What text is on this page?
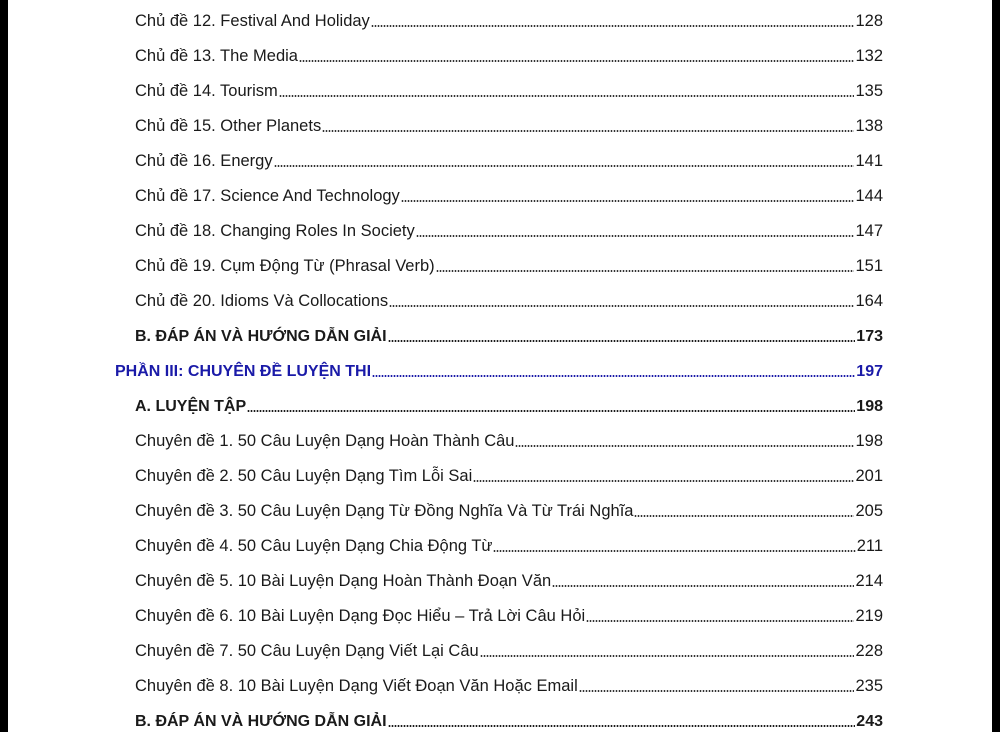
Chủ đề 12. Festival And Holiday	128
Chủ đề 13. The Media	132
Chủ đề 14. Tourism	135
Chủ đề 15. Other Planets	138
Chủ đề 16. Energy	141
Chủ đề 17. Science And Technology	144
Chủ đề 18. Changing Roles In Society	147
Chủ đề 19. Cụm Động Từ (Phrasal Verb)	151
Chủ đề 20. Idioms Và Collocations	164
B. ĐÁP ÁN VÀ HƯỚNG DẪN GIẢI	173
PHẦN III: CHUYÊN ĐỀ LUYỆN THI	197
A. LUYỆN TẬP	198
Chuyên đề 1. 50 Câu Luyện Dạng Hoàn Thành Câu	198
Chuyên đề 2. 50 Câu Luyện Dạng Tìm Lỗi Sai	201
Chuyên đề 3. 50 Câu Luyện Dạng Từ Đồng Nghĩa Và Từ Trái Nghĩa	205
Chuyên đề 4. 50 Câu Luyện Dạng Chia Động Từ	211
Chuyên đề 5. 10 Bài Luyện Dạng Hoàn Thành Đoạn Văn	214
Chuyên đề 6. 10 Bài Luyện Dạng Đọc Hiểu – Trả Lời Câu Hỏi	219
Chuyên đề 7. 50 Câu Luyện Dạng Viết Lại Câu	228
Chuyên đề 8. 10 Bài Luyện Dạng Viết Đoạn Văn Hoặc Email	235
B. ĐÁP ÁN VÀ HƯỚNG DẪN GIẢI	243
